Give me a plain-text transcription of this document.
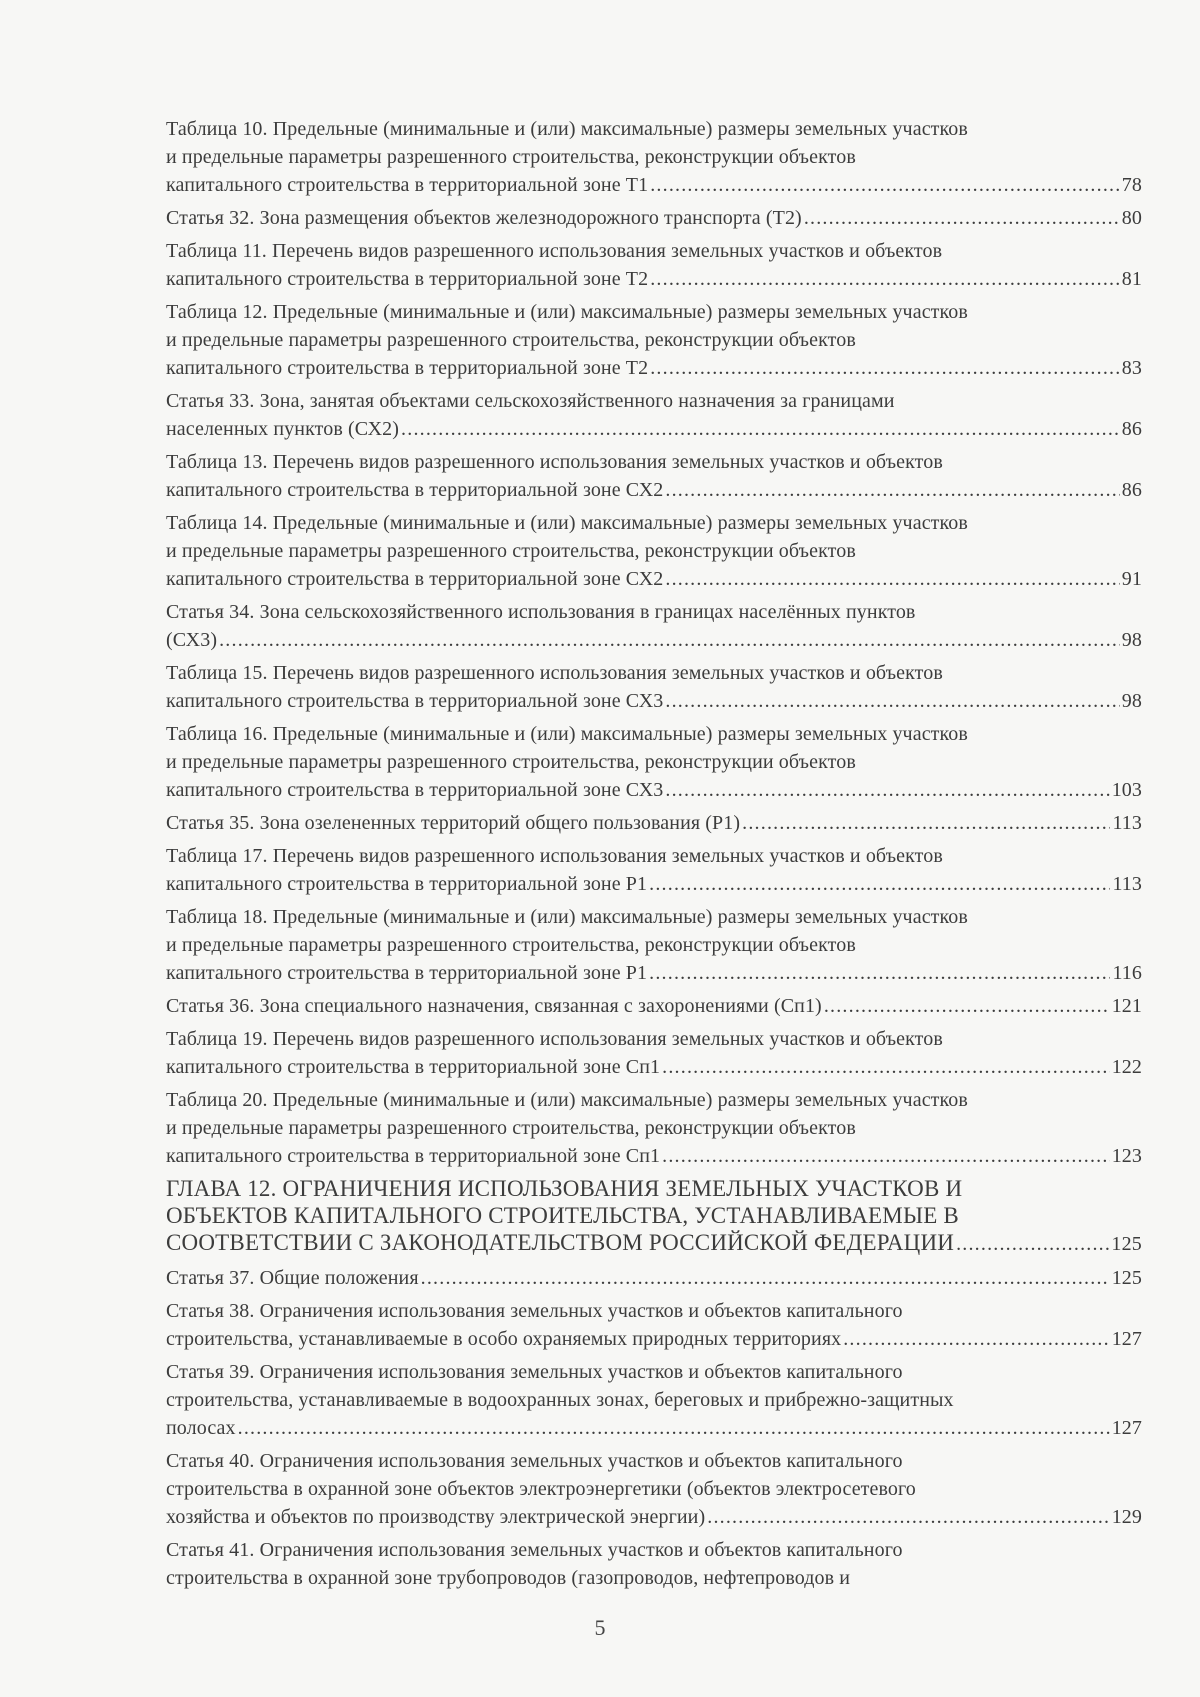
Таблица 10. Предельные (минимальные и (или) максимальные) размеры земельных участков
и предельные параметры разрешенного строительства, реконструкции объектов
капитального строительства в территориальной зоне Т1 .....	78
Статья 32. Зона размещения объектов железнодорожного транспорта (Т2) .....	80
Таблица 11. Перечень видов разрешенного использования земельных участков и объектов
капитального строительства в территориальной зоне Т2 .....	81
Таблица 12. Предельные (минимальные и (или) максимальные) размеры земельных участков
и предельные параметры разрешенного строительства, реконструкции объектов
капитального строительства в территориальной зоне Т2 .....	83
Статья 33. Зона, занятая объектами сельскохозяйственного назначения за границами
населенных пунктов (СХ2) .....	86
Таблица 13. Перечень видов разрешенного использования земельных участков и объектов
капитального строительства в территориальной зоне СХ2 .....	86
Таблица 14. Предельные (минимальные и (или) максимальные) размеры земельных участков
и предельные параметры разрешенного строительства, реконструкции объектов
капитального строительства в территориальной зоне СХ2 .....	91
Статья 34. Зона сельскохозяйственного использования в границах населённых пунктов
(СХ3) .....	98
Таблица 15. Перечень видов разрешенного использования земельных участков и объектов
капитального строительства в территориальной зоне СХ3 .....	98
Таблица 16. Предельные (минимальные и (или) максимальные) размеры земельных участков
и предельные параметры разрешенного строительства, реконструкции объектов
капитального строительства в территориальной зоне СХ3 .....	103
Статья 35. Зона озелененных территорий общего пользования (Р1) .....	113
Таблица 17. Перечень видов разрешенного использования земельных участков и объектов
капитального строительства в территориальной зоне Р1 .....	113
Таблица 18. Предельные (минимальные и (или) максимальные) размеры земельных участков
и предельные параметры разрешенного строительства, реконструкции объектов
капитального строительства в территориальной зоне Р1 .....	116
Статья 36. Зона специального назначения, связанная с захоронениями (Сп1) .....	121
Таблица 19. Перечень видов разрешенного использования земельных участков и объектов
капитального строительства в территориальной зоне Сп1 .....	122
Таблица 20. Предельные (минимальные и (или) максимальные) размеры земельных участков
и предельные параметры разрешенного строительства, реконструкции объектов
капитального строительства в территориальной зоне Сп1 .....	123
ГЛАВА 12. ОГРАНИЧЕНИЯ ИСПОЛЬЗОВАНИЯ ЗЕМЕЛЬНЫХ УЧАСТКОВ И
ОБЪЕКТОВ КАПИТАЛЬНОГО СТРОИТЕЛЬСТВА, УСТАНАВЛИВАЕМЫЕ В
СООТВЕТСТВИИ С ЗАКОНОДАТЕЛЬСТВОМ РОССИЙСКОЙ ФЕДЕРАЦИИ .....	125
Статья 37. Общие положения .....	125
Статья 38. Ограничения использования земельных участков и объектов капитального
строительства, устанавливаемые в особо охраняемых природных территориях .....	127
Статья 39. Ограничения использования земельных участков и объектов капитального
строительства, устанавливаемые в водоохранных зонах, береговых и прибрежно-защитных
полосах .....	127
Статья 40. Ограничения использования земельных участков и объектов капитального
строительства в охранной зоне объектов электроэнергетики (объектов электросетевого
хозяйства и объектов по производству электрической энергии) .....	129
Статья 41. Ограничения использования земельных участков и объектов капитального
строительства в охранной зоне трубопроводов (газопроводов, нефтепроводов и
5
